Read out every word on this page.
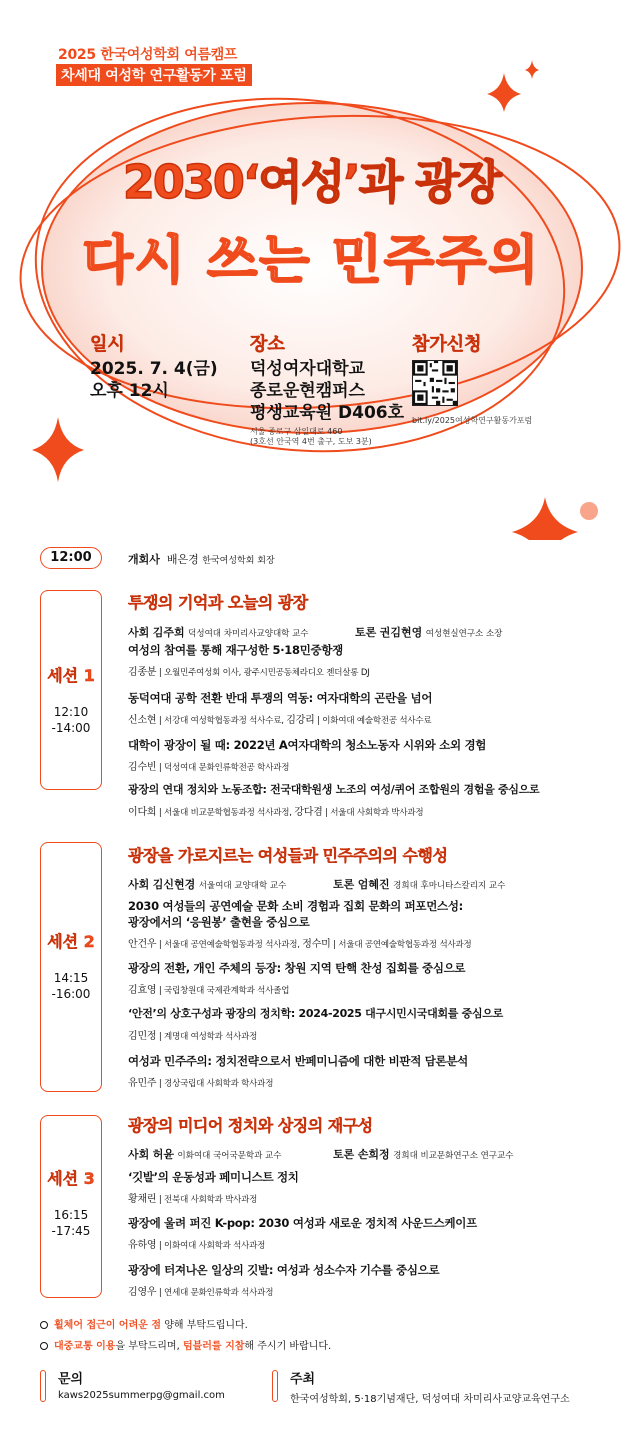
2025 한국여성학회 여름캠프
차세대 여성학 연구활동가 포럼
2030‘여성’과 광장
다시 쓰는 민주주의
일시
2025. 7. 4(금)
오후 12시
장소
덕성여자대학교
종로운현캠퍼스
평생교육원 D406호
서울 종로구 삼일대로 460
(3호선 안국역 4번 출구, 도보 3분)
참가신청
bit.ly/2025여성학연구활동가포럼
12:00	개회사 배은경 한국여성학회 회장
세션 1
12:10 -14:00
투쟁의 기억과 오늘의 광장
사회 김주희 덕성여대 차미리사교양대학 교수	토론 권김현영 여성현실연구소 소장
여성의 참여를 통해 재구성한 5·18민중항쟁
김종분 | 오월민주여성회 이사, 광주시민공동체라디오 젠더살롱 DJ
동덕여대 공학 전환 반대 투쟁의 역동: 여자대학의 곤란을 넘어
신소현 | 서강대 여성학협동과정 석사수료, 김강리 | 이화여대 예술학전공 석사수료
대학이 광장이 될 때: 2022년 A여자대학의 청소노동자 시위와 소외 경험
김수빈 | 덕성여대 문화인류학전공 학사과정
광장의 연대 정치와 노동조합: 전국대학원생 노조의 여성/퀴어 조합원의 경험을 중심으로
이다희 | 서울대 비교문학협동과정 석사과정, 강다겸 | 서울대 사회학과 박사과정
세션 2
14:15 -16:00
광장을 가로지르는 여성들과 민주주의의 수행성
사회 김신현경 서울여대 교양대학 교수	토론 엄혜진 경희대 후마니타스칼리지 교수
2030 여성들의 공연예술 문화 소비 경험과 집회 문화의 퍼포먼스성:
광장에서의 ‘응원봉’ 출현을 중심으로
안건우 | 서울대 공연예술학협동과정 석사과정, 정수미 | 서울대 공연예술학협동과정 석사과정
광장의 전환, 개인 주체의 등장: 창원 지역 탄핵 찬성 집회를 중심으로
김효영 | 국립창원대 국제관계학과 석사졸업
‘안전’의 상호구성과 광장의 정치학: 2024-2025 대구시민시국대회를 중심으로
김민정 | 계명대 여성학과 석사과정
여성과 민주주의: 정치전략으로서 반페미니즘에 대한 비판적 담론분석
유민주 | 경상국립대 사회학과 학사과정
세션 3
16:15 -17:45
광장의 미디어 정치와 상징의 재구성
사회 허윤 이화여대 국어국문학과 교수	토론 손희정 경희대 비교문화연구소 연구교수
‘깃발’의 운동성과 페미니스트 정치
황채린 | 전북대 사회학과 박사과정
광장에 울려 퍼진 K-pop: 2030 여성과 새로운 정치적 사운드스케이프
유하영 | 이화여대 사회학과 석사과정
광장에 터져나온 일상의 깃발: 여성과 성소수자 기수를 중심으로
김영우 | 연세대 문화인류학과 석사과정
휠체어 접근이 어려운 점 양해 부탁드립니다.
대중교통 이용을 부탁드리며, 텀블러를 지참해 주시기 바랍니다.
문의
kaws2025summerpg@gmail.com
주최
한국여성학회, 5·18기념재단, 덕성여대 차미리사교양교육연구소
